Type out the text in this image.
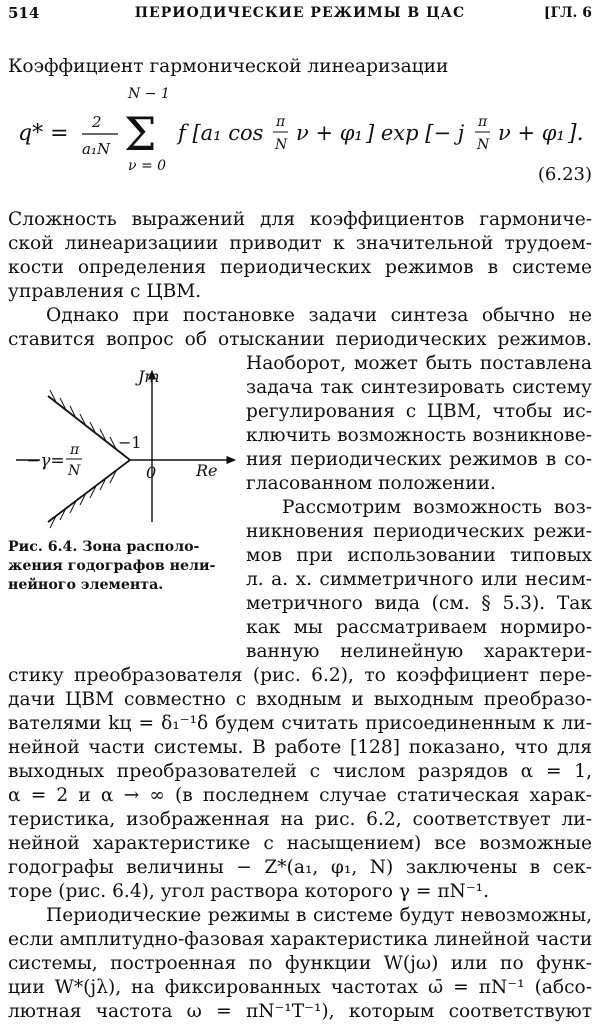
514	ПЕРИОДИЧЕСКИЕ РЕЖИМЫ В ЦАС	[ГЛ. 6
Коэффициент гармонической линеаризации
q* = 2
a₁N
N − 1
Σ
ν = 0
f [a₁ cos π
N ν + φ₁ ] exp [− j π
N ν + φ₁ ].
(6.23)
Сложность выражений для коэффициентов гармониче-
ской линеаризациии приводит к значительной трудоем-
кости определения периодических режимов в системе
управления с ЦВМ.
Однако при постановке задачи синтеза обычно не
ставится вопрос об отыскании периодических режимов.
Наоборот, может быть поставлена
задача так синтезировать систему
регулирования с ЦВМ, чтобы ис-
ключить возможность возникнове-
ния периодических режимов в со-
гласованном положении.
Рассмотрим возможность воз-
никновения периодических режи-
мов при использовании типовых
л. а. х. симметричного или несим-
метричного вида (см. § 5.3). Так
как мы рассматриваем нормиро-
ванную нелинейную характери-
стику преобразователя (рис. 6.2), то коэффициент пере-
дачи ЦВМ совместно с входным и выходным преобразо-
вателями kц = δ₁⁻¹δ будем считать присоединенным к ли-
нейной части системы. В работе [128] показано, что для
выходных преобразователей с числом разрядов α = 1,
α = 2 и α → ∞ (в последнем случае статическая харак-
теристика, изображенная на рис. 6.2, соответствует ли-
нейной характеристике с насыщением) все возможные
годографы величины − Z*(a₁, φ₁, N) заключены в сек-
торе (рис. 6.4), угол раствора которого γ = πN⁻¹.
Периодические режимы в системе будут невозможны,
если амплитудно-фазовая характеристика линейной части
системы, построенная по функции W(jω) или по функ-
ции W*(jλ), на фиксированных частотах ω̄ = πN⁻¹ (абсо-
лютная частота ω = πN⁻¹T⁻¹), которым соответствуют
Jm
Re
−1
0
−γ=
π
N
Рис. 6.4. Зона располо-
жения годографов нели-
нейного элемента.
